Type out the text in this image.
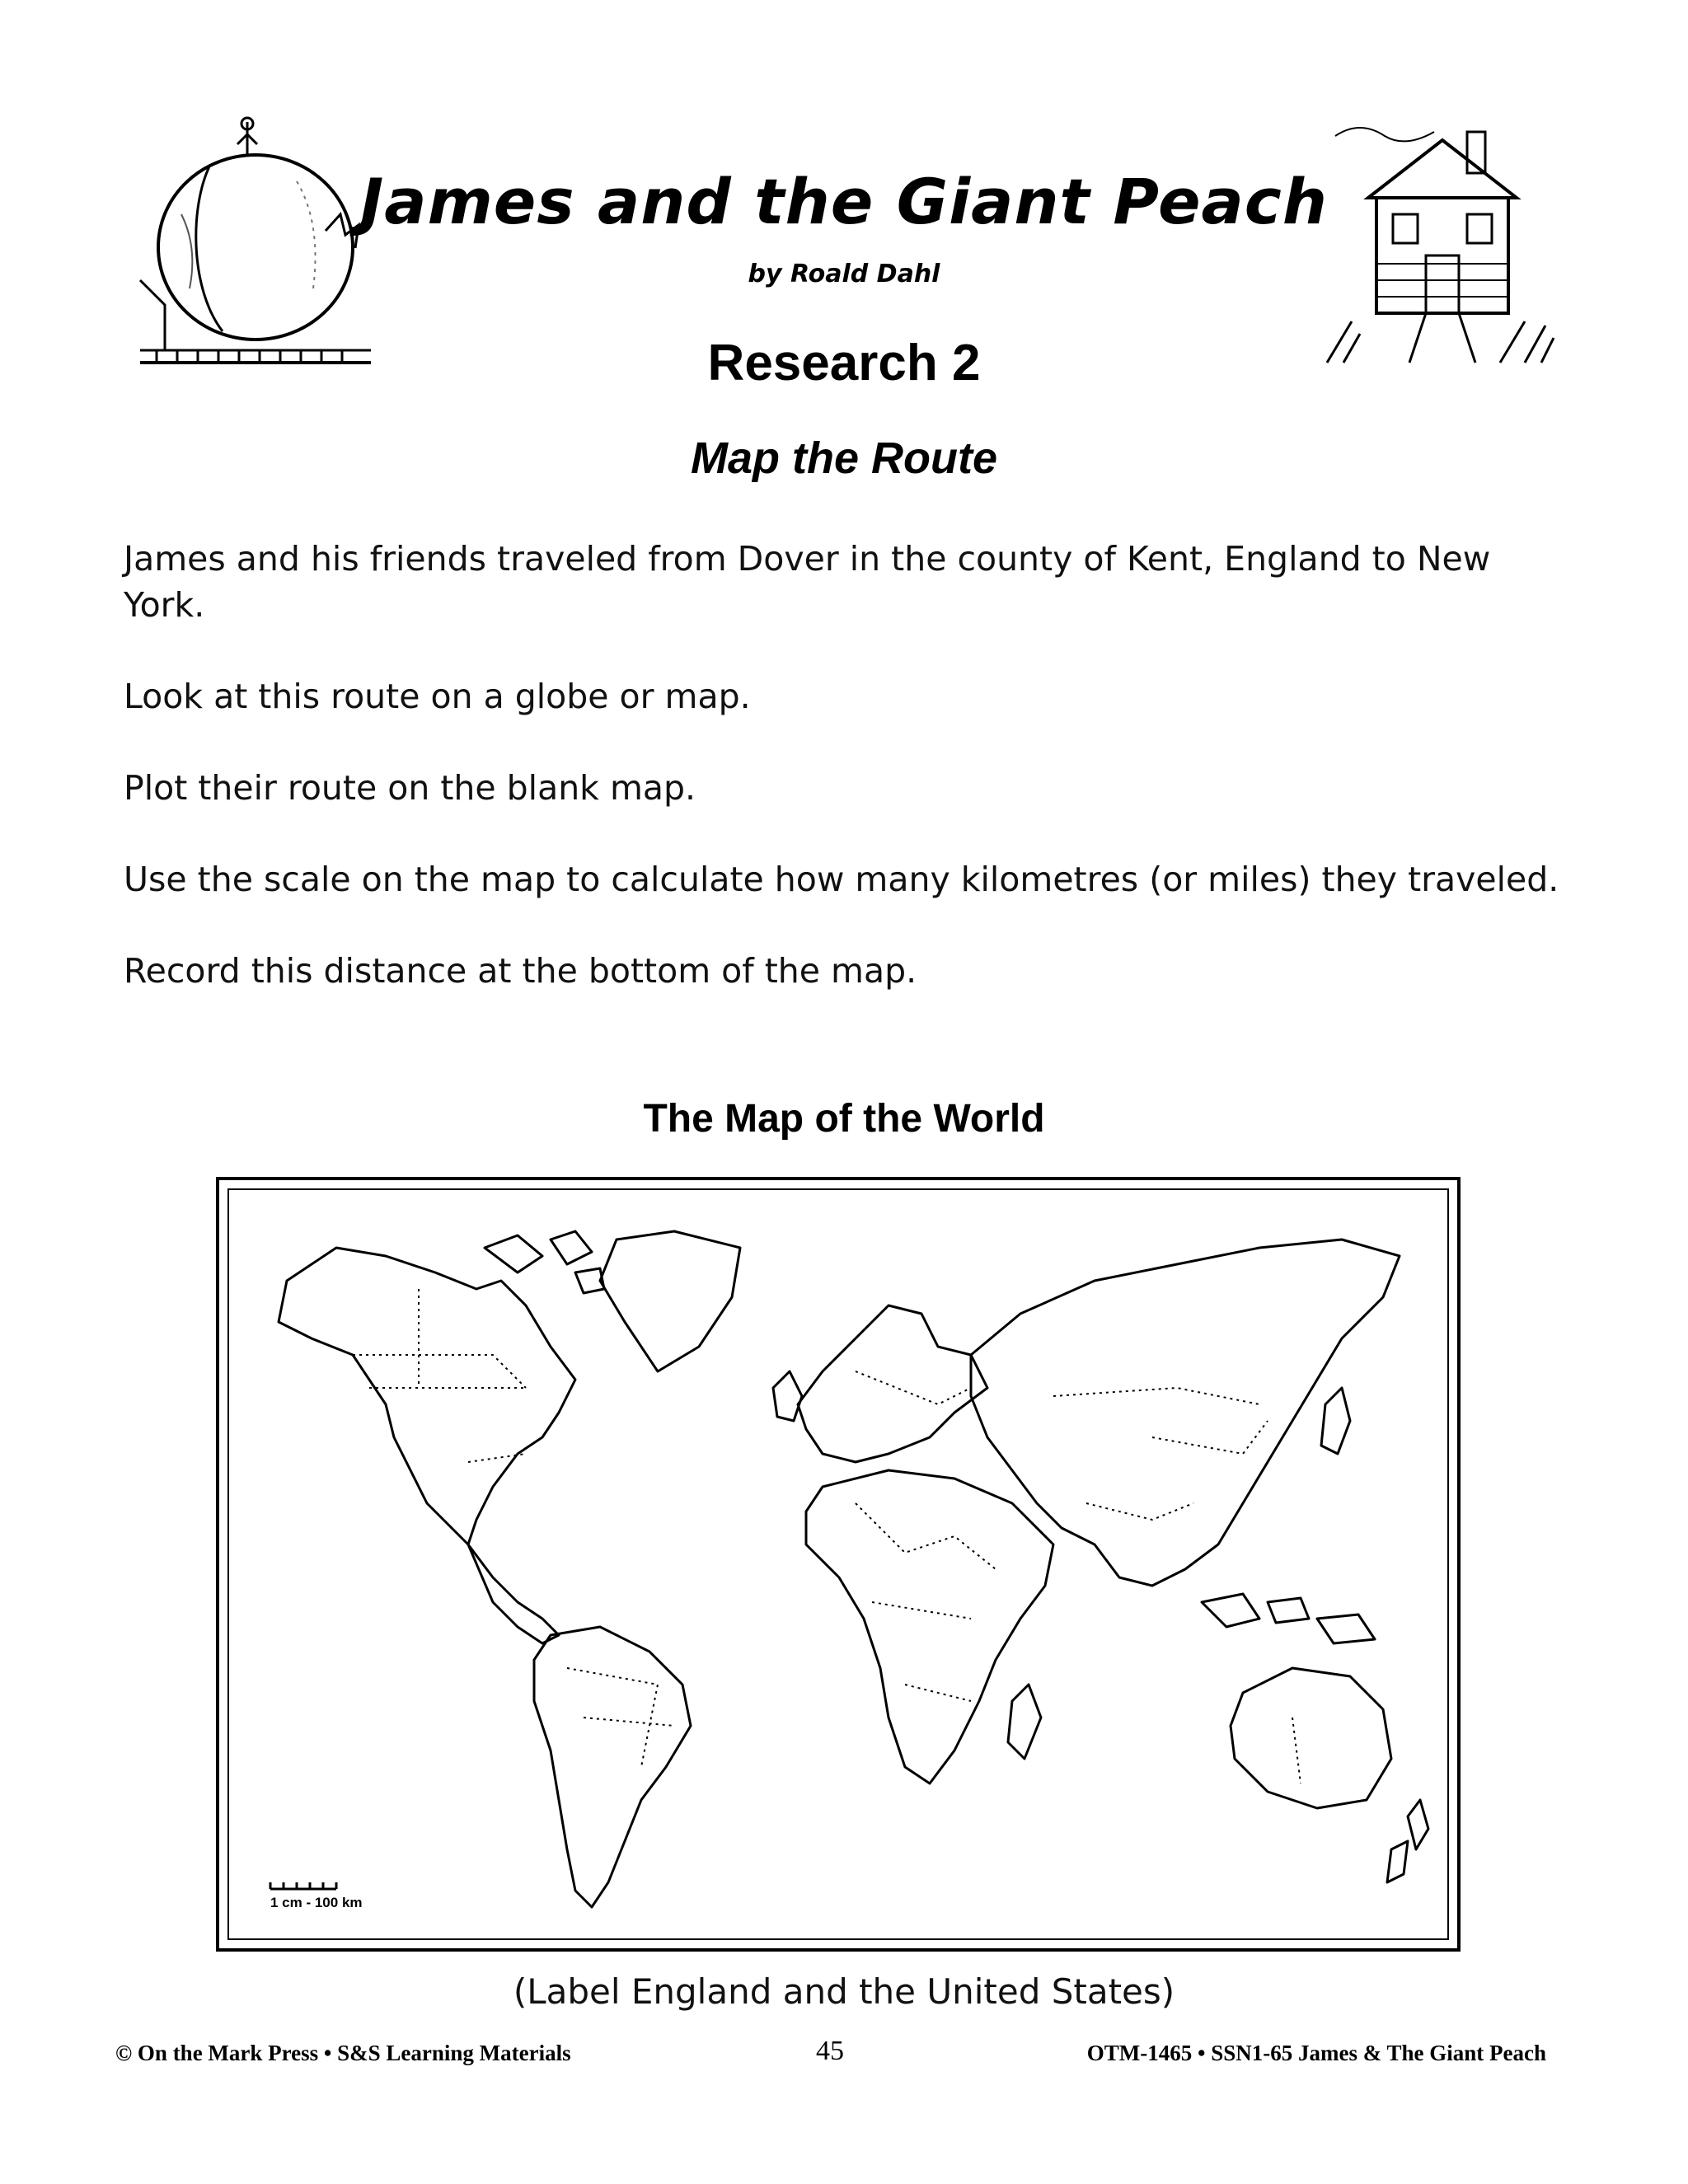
James and the Giant Peach
by Roald Dahl
Research 2
Map the Route

James and his friends traveled from Dover in the county of Kent, England to New York.

Look at this route on a globe or map.

Plot their route on the blank map.

Use the scale on the map to calculate how many kilometres (or miles) they traveled.

Record this distance at the bottom of the map.

The Map of the World
1 cm - 100 km
(Label England and the United States)
© On the Mark Press • S&S Learning Materials	45	OTM-1465 • SSN1-65 James & The Giant Peach
